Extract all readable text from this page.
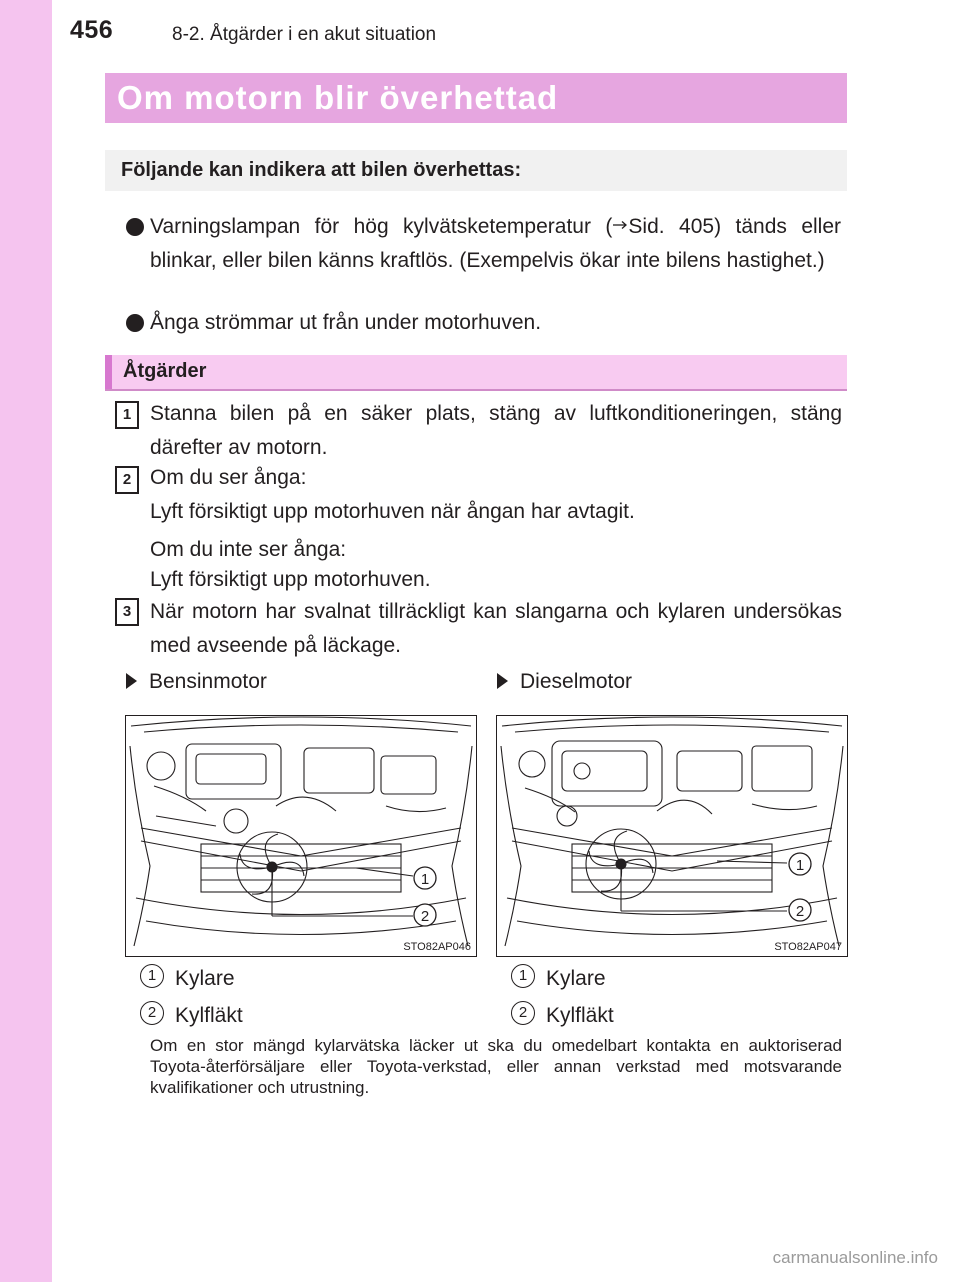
456	8-2. Åtgärder i en akut situation
Om motorn blir överhettad
Följande kan indikera att bilen överhettas:
Varningslampan för hög kylvätsketemperatur ( Sid. 405) tänds eller blinkar, eller bilen känns kraftlös. (Exempelvis ökar inte bilens hastighet.)
Ånga strömmar ut från under motorhuven.
Åtgärder
1 Stanna bilen på en säker plats, stäng av luftkonditioneringen, stäng därefter av motorn.
2 Om du ser ånga:
Lyft försiktigt upp motorhuven när ångan har avtagit.
Om du inte ser ånga:
Lyft försiktigt upp motorhuven.
3 När motorn har svalnat tillräckligt kan slangarna och kylaren undersökas med avseende på läckage.
Bensinmotor	Dieselmotor
1
2
STO82AP046
1
2
STO82AP047
1 Kylare
2 Kylfläkt
1 Kylare
2 Kylfläkt
Om en stor mängd kylarvätska läcker ut ska du omedelbart kontakta en auktoriserad Toyota-återförsäljare eller Toyota-verkstad, eller annan verkstad med motsvarande kvalifikationer och utrustning.
carmanualsonline.info
